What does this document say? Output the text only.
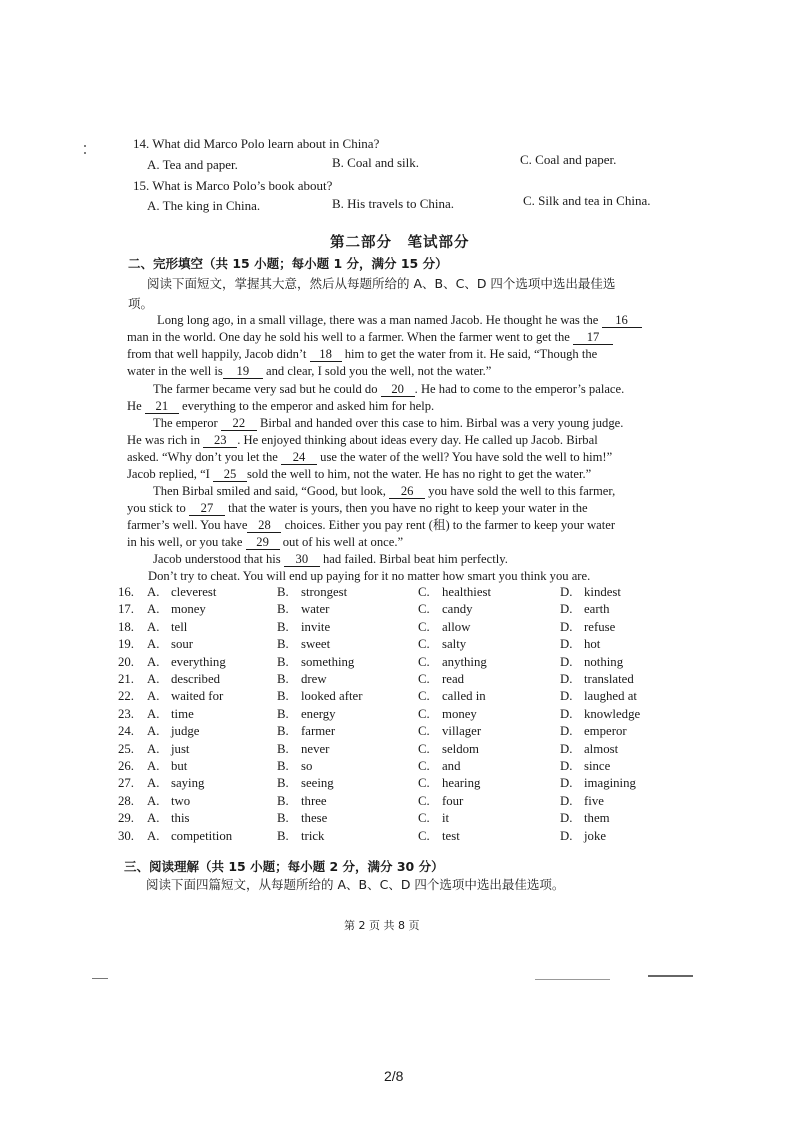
14. What did Marco Polo learn about in China?
A. Tea and paper.	B. Coal and silk.	C. Coal and paper.
15. What is Marco Polo’s book about?
A. The king in China.	B. His travels to China.	C. Silk and tea in China.
第二部分　笔试部分
二、完形填空（共 15 小题；每小题 1 分，满分 15 分）
阅读下面短文，掌握其大意，然后从每题所给的 A、B、C、D 四个选项中选出最佳选
项。
Long long ago, in a small village, there was a man named Jacob. He thought he was the 16
man in the world. One day he sold his well to a farmer. When the farmer went to get the 17
from that well happily, Jacob didn’t 18 him to get the water from it. He said, “Though the
water in the well is 19 and clear, I sold you the well, not the water.”
The farmer became very sad but he could do 20 . He had to come to the emperor’s palace.
He 21 everything to the emperor and asked him for help.
The emperor 22 Birbal and handed over this case to him. Birbal was a very young judge.
He was rich in 23 . He enjoyed thinking about ideas every day. He called up Jacob. Birbal
asked. “Why don’t you let the 24 use the water of the well? You have sold the well to him!”
Jacob replied, “I 25 sold the well to him, not the water. He has no right to get the water.”
Then Birbal smiled and said, “Good, but look, 26 you have sold the well to this farmer,
you stick to 27 that the water is yours, then you have no right to keep your water in the
farmer’s well. You have 28 choices. Either you pay rent (租) to the farmer to keep your water
in his well, or you take 29 out of his well at once.”
Jacob understood that his 30 had failed. Birbal beat him perfectly.
Don’t try to cheat. You will end up paying for it no matter how smart you think you are.
16. A. cleverest	B. strongest	C. healthiest	D. kindest
17. A. money	B. water	C. candy	D. earth
18. A. tell	B. invite	C. allow	D. refuse
19. A. sour	B. sweet	C. salty	D. hot
20. A. everything	B. something	C. anything	D. nothing
21. A. described	B. drew	C. read	D. translated
22. A. waited for	B. looked after	C. called in	D. laughed at
23. A. time	B. energy	C. money	D. knowledge
24. A. judge	B. farmer	C. villager	D. emperor
25. A. just	B. never	C. seldom	D. almost
26. A. but	B. so	C. and	D. since
27. A. saying	B. seeing	C. hearing	D. imagining
28. A. two	B. three	C. four	D. five
29. A. this	B. these	C. it	D. them
30. A. competition	B. trick	C. test	D. joke
三、阅读理解（共 15 小题；每小题 2 分，满分 30 分）
阅读下面四篇短文，从每题所给的 A、B、C、D 四个选项中选出最佳选项。
第 2 页 共 8 页
2/8
